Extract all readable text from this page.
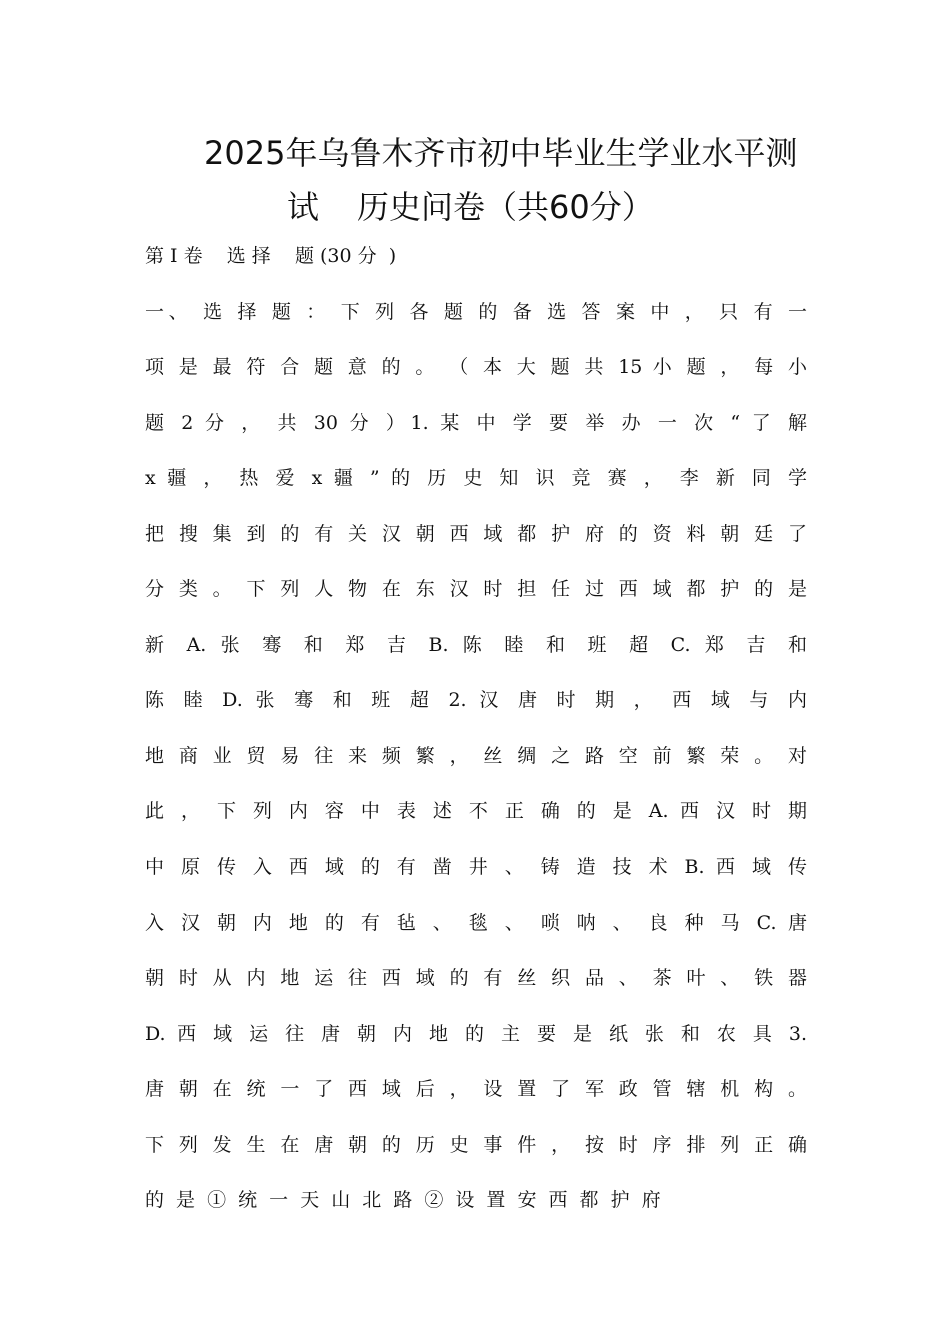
2025年乌鲁木齐市初中毕业生学业水平测
试 历史问卷（共60分）
第 Ⅰ 卷    选 择    题 (30 分  )
一、 选 择 题 ： 下 列 各 题 的 备 选 答 案 中 ， 只 有 一
项 是 最 符 合 题 意 的 。 （ 本 大 题 共 15 小 题 ， 每 小
题 2 分 ， 共 30 分 ）1. 某 中 学 要 举 办 一 次 “ 了 解
x 疆 ， 热 爱 x 疆 ” 的 历 史 知 识 竞 赛 ， 李 新 同 学
把 搜 集 到 的 有 关 汉 朝 西 域 都 护 府 的 资 料 朝 廷 了
分 类 。 下 列 人 物 在 东 汉 时 担 任 过 西 域 都 护 的 是
新 A. 张 骞 和 郑 吉 B. 陈 睦 和 班 超 C. 郑 吉 和
陈 睦 D. 张 骞 和 班 超 2. 汉 唐 时 期 ， 西 域 与 内
地 商 业 贸 易 往 来 频 繁 ， 丝 绸 之 路 空 前 繁 荣 。 对
此 ， 下 列 内 容 中 表 述 不 正 确 的 是 A. 西 汉 时 期
中 原 传 入 西 域 的 有 凿 井 、 铸 造 技 术 B. 西 域 传
入 汉 朝 内 地 的 有 毡 、 毯 、 唢 呐 、 良 种 马 C. 唐
朝 时 从 内 地 运 往 西 域 的 有 丝 织 品 、 茶 叶 、 铁 器
D. 西 域 运 往 唐 朝 内 地 的 主 要 是 纸 张 和 农 具 3.
唐 朝 在 统 一 了 西 域 后 ， 设 置 了 军 政 管 辖 机 构 。
下 列 发 生 在 唐 朝 的 历 史 事 件 ， 按 时 序 排 列 正 确
的 是 ① 统 一 天 山 北 路 ② 设 置 安 西 都 护 府
